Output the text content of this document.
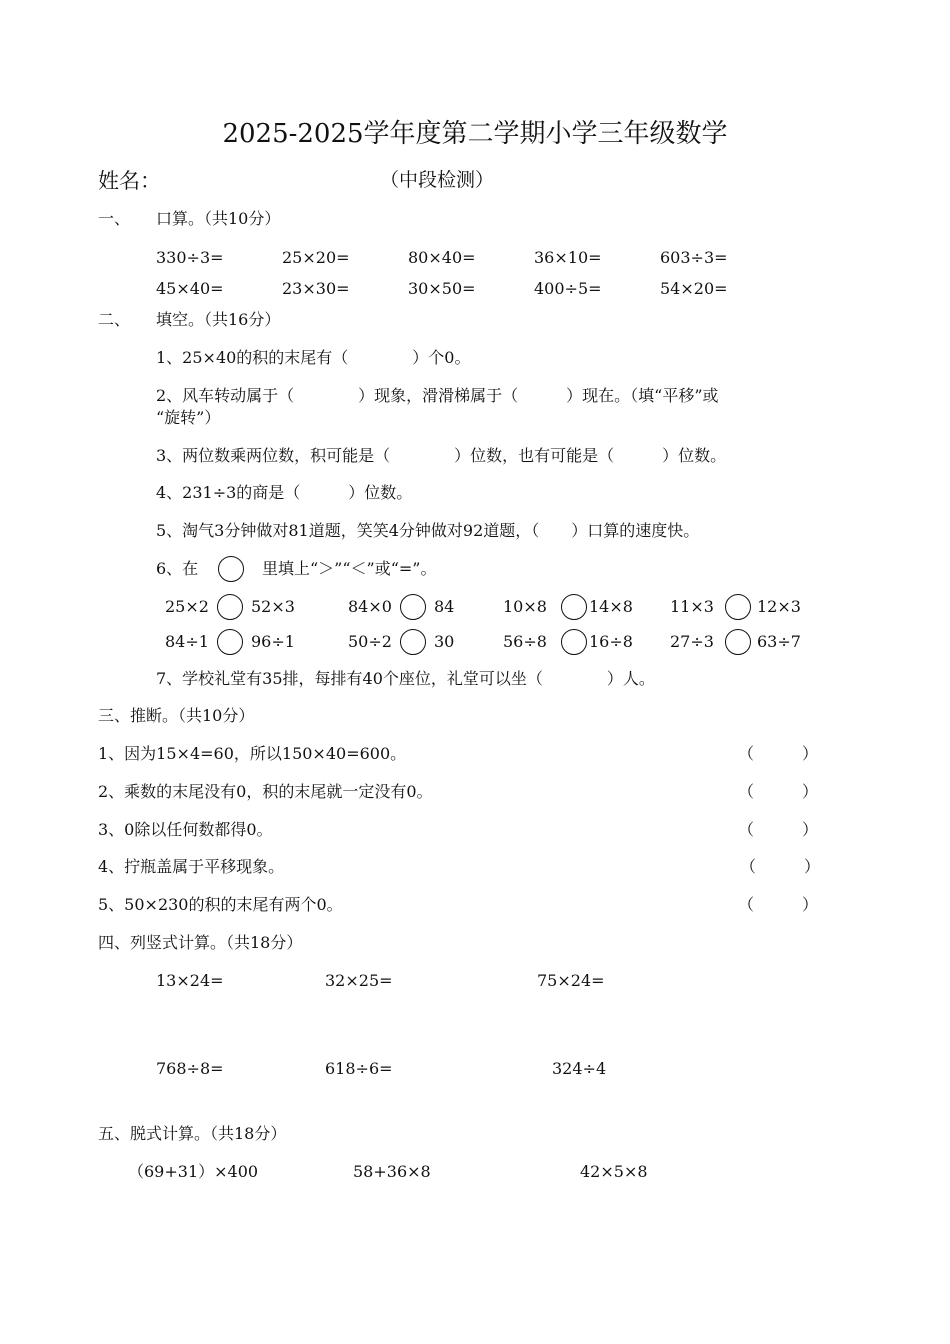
2025-2025学年度第二学期小学三年级数学
姓名：	（中段检测）
一、 口算。（共10分）
330÷3=	25×20=	80×40=	36×10=	603÷3=
45×40=	23×30=	30×50=	400÷5=	54×20=
二、 填空。（共16分）
1、25×40的积的末尾有（　　　　）个0。
2、风车转动属于（　　　　）现象，滑滑梯属于（　　　）现在。（填“平移”或
“旋转”）
3、两位数乘两位数，积可能是（　　　　）位数，也有可能是（　　　）位数。
4、231÷3的商是（　　　）位数。
5、淘气3分钟做对81道题，笑笑4分钟做对92道题，（　　）口算的速度快。
6、在	里填上“＞”“＜”或“=”。
25×2	52×3	84×0	84	10×8	14×8 11×3	12×3
84÷1	96÷1	50÷2	30	56÷8	16÷8 27÷3	63÷7
7、学校礼堂有35排，每排有40个座位，礼堂可以坐（　　　　）人。
三、推断。（共10分）
1、因为15×4=60，所以150×40=600。	（　　　）
2、乘数的末尾没有0，积的末尾就一定没有0。	（　　　）
3、0除以任何数都得0。	（　　　）
4、拧瓶盖属于平移现象。	（　　　）
5、50×230的积的末尾有两个0。	（　　　）
四、列竖式计算。（共18分）
13×24=	32×25=	75×24=
768÷8=	618÷6=	324÷4
五、脱式计算。（共18分）
（69+31）×400	58+36×8	42×5×8
